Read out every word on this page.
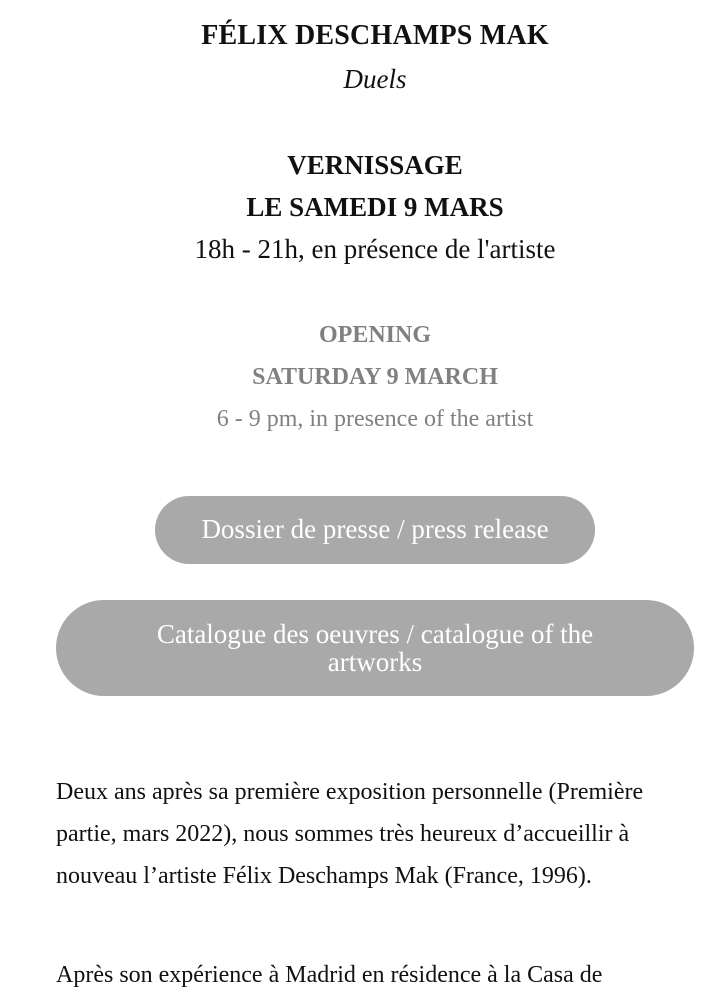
FÉLIX DESCHAMPS MAK
Duels
VERNISSAGE
LE SAMEDI 9 MARS
18h - 21h, en présence de l'artiste
OPENING
SATURDAY 9 MARCH
6 - 9 pm, in presence of the artist
Dossier de presse / press release
Catalogue des oeuvres / catalogue of the artworks

Deux ans après sa première exposition personnelle (Première partie, mars 2022), nous sommes très heureux d’accueillir à nouveau l’artiste Félix Deschamps Mak (France, 1996).

Après son expérience à Madrid en résidence à la Casa de
